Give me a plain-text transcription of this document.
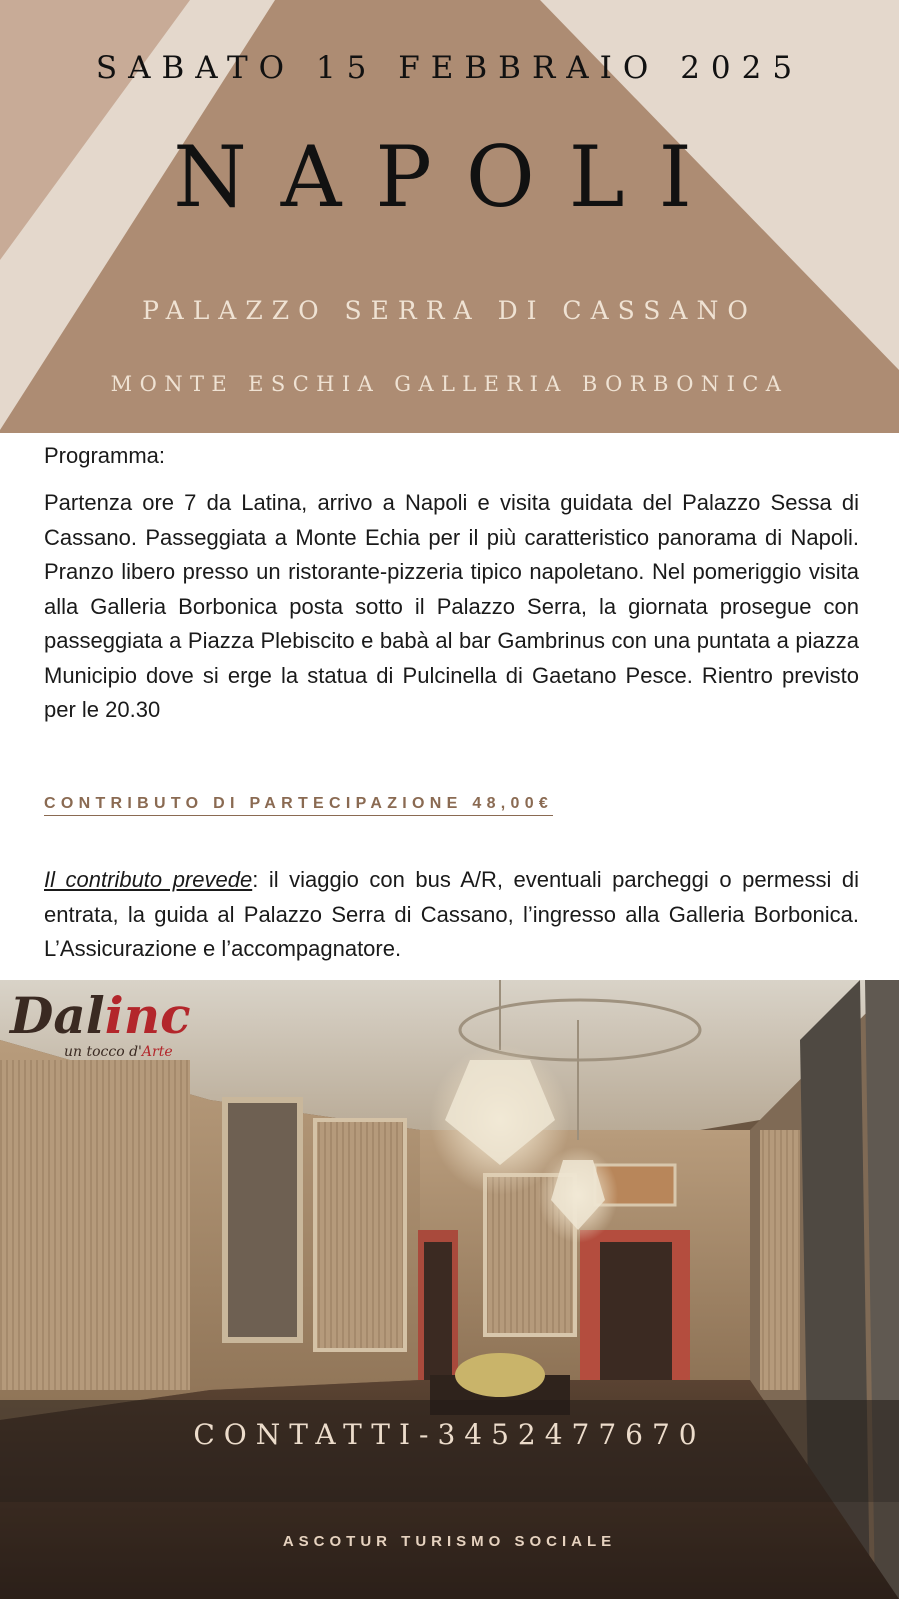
SABATO 15 FEBBRAIO 2025
NAPOLI
PALAZZO SERRA DI CASSANO
MONTE ESCHIA GALLERIA BORBONICA
Programma:

Partenza ore 7 da Latina, arrivo a Napoli e visita guidata del Palazzo Sessa di Cassano. Passeggiata a Monte Echia per il più caratteristico panorama di Napoli. Pranzo libero presso un ristorante-pizzeria tipico napoletano. Nel pomeriggio visita alla Galleria Borbonica posta sotto il Palazzo Serra, la giornata prosegue con passeggiata a Piazza Plebiscito e babà al bar Gambrinus con una puntata a piazza Municipio dove si erge la statua di Pulcinella di Gaetano Pesce. Rientro previsto per le 20.30

CONTRIBUTO DI PARTECIPAZIONE 48,00€

Il contributo prevede: il viaggio con bus A/R, eventuali parcheggi o permessi di entrata, la guida al Palazzo Serra di Cassano, l’ingresso alla Galleria Borbonica. L’Assicurazione e l’accompagnatore.

Dalinc
un tocco d'Arte
CONTATTI-3452477670
ASCOTUR TURISMO SOCIALE
